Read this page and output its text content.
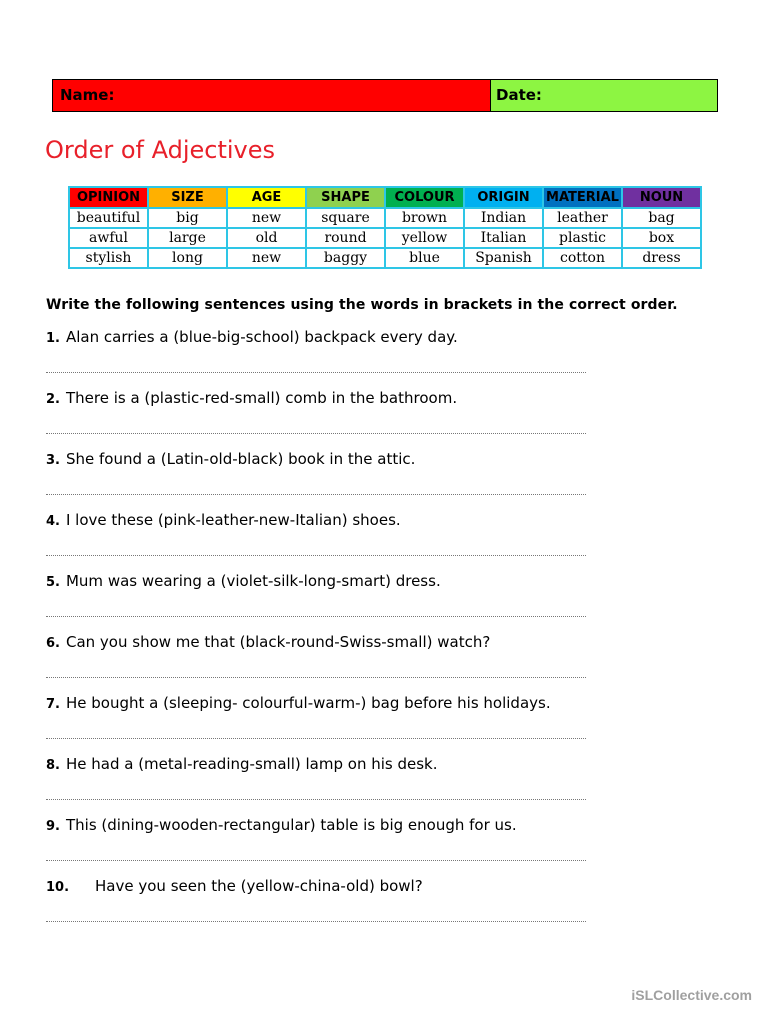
Name:	Date:
Order of Adjectives
OPINION	SIZE	AGE	SHAPE	COLOUR	ORIGIN	MATERIAL	NOUN
beautiful	big	new	square	brown	Indian	leather	bag
awful	large	old	round	yellow	Italian	plastic	box
stylish	long	new	baggy	blue	Spanish	cotton	dress

Write the following sentences using the words in brackets in the correct order.

1. Alan carries a (blue-big-school) backpack every day.

2. There is a (plastic-red-small) comb in the bathroom.

3. She found a (Latin-old-black) book in the attic.

4. I love these (pink-leather-new-Italian) shoes.

5. Mum was wearing a (violet-silk-long-smart) dress.

6. Can you show me that (black-round-Swiss-small) watch?

7. He bought a (sleeping- colourful-warm-) bag before his holidays.

8. He had a (metal-reading-small) lamp on his desk.

9. This (dining-wooden-rectangular) table is big enough for us.

10. Have you seen the (yellow-china-old) bowl?

iSLCollective.com
